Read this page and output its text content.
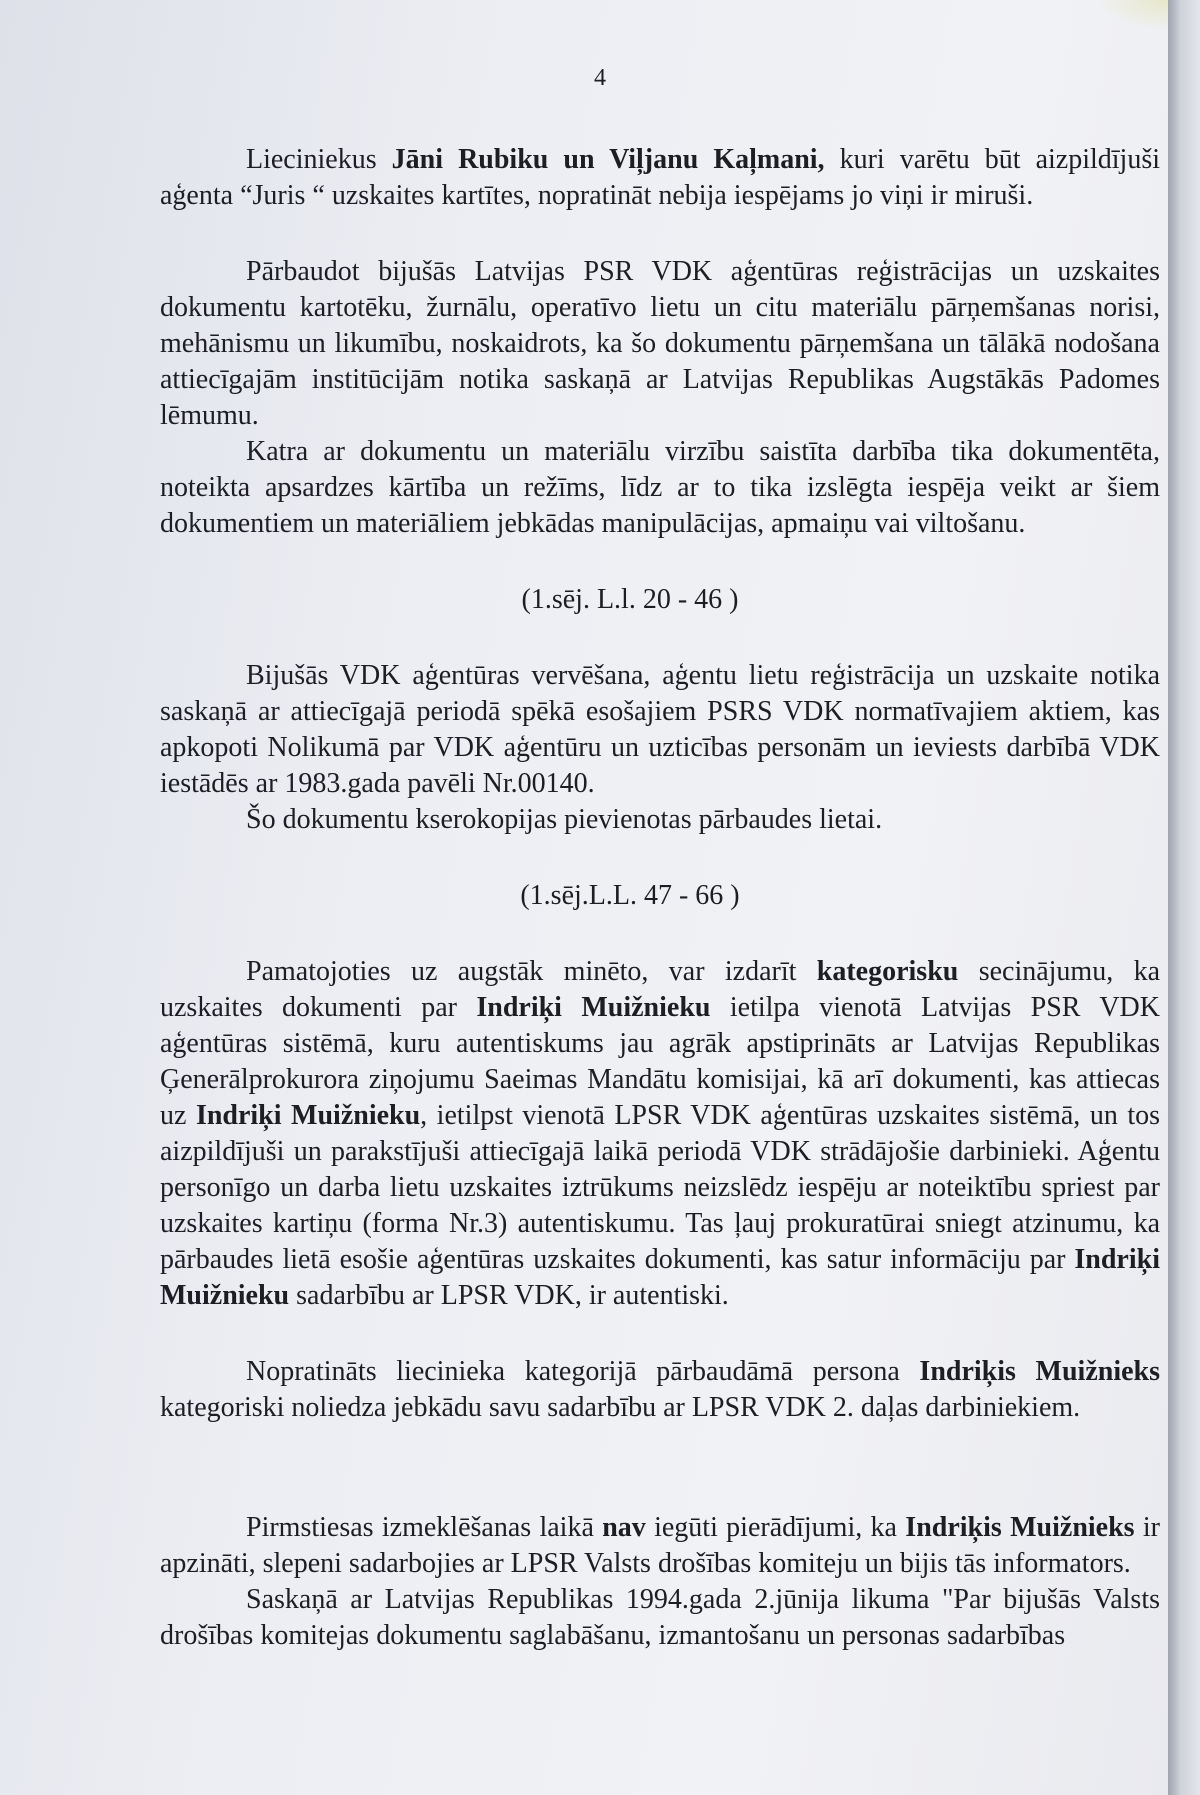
4

Lieciniekus Jāni Rubiku un Viļjanu Kaļmani, kuri varētu būt aizpildījuši aģenta “Juris “ uzskaites kartītes, nopratināt nebija iespējams jo viņi ir miruši.

Pārbaudot bijušās Latvijas PSR VDK aģentūras reģistrācijas un uzskaites dokumentu kartotēku, žurnālu, operatīvo lietu un citu materiālu pārņemšanas norisi, mehānismu un likumību, noskaidrots, ka šo dokumentu pārņemšana un tālākā nodošana attiecīgajām institūcijām notika saskaņā ar Latvijas Republikas Augstākās Padomes lēmumu.

Katra ar dokumentu un materiālu virzību saistīta darbība tika dokumentēta, noteikta apsardzes kārtība un režīms, līdz ar to tika izslēgta iespēja veikt ar šiem dokumentiem un materiāliem jebkādas manipulācijas, apmaiņu vai viltošanu.

(1.sēj. L.l. 20 - 46 )

Bijušās VDK aģentūras vervēšana, aģentu lietu reģistrācija un uzskaite notika saskaņā ar attiecīgajā periodā spēkā esošajiem PSRS VDK normatīvajiem aktiem, kas apkopoti Nolikumā par VDK aģentūru un uzticības personām un ieviests darbībā VDK iestādēs ar 1983.gada pavēli Nr.00140.

Šo dokumentu kserokopijas pievienotas pārbaudes lietai.

(1.sēj.L.L. 47 - 66 )

Pamatojoties uz augstāk minēto, var izdarīt kategorisku secinājumu, ka uzskaites dokumenti par Indriķi Muižnieku ietilpa vienotā Latvijas PSR VDK aģentūras sistēmā, kuru autentiskums jau agrāk apstiprināts ar Latvijas Republikas Ģenerālprokurora ziņojumu Saeimas Mandātu komisijai, kā arī dokumenti, kas attiecas uz Indriķi Muižnieku, ietilpst vienotā LPSR VDK aģentūras uzskaites sistēmā, un tos aizpildījuši un parakstījuši attiecīgajā laikā periodā VDK strādājošie darbinieki. Aģentu personīgo un darba lietu uzskaites iztrūkums neizslēdz iespēju ar noteiktību spriest par uzskaites kartiņu (forma Nr.3) autentiskumu. Tas ļauj prokuratūrai sniegt atzinumu, ka pārbaudes lietā esošie aģentūras uzskaites dokumenti, kas satur informāciju par Indriķi Muižnieku sadarbību ar LPSR VDK, ir autentiski.

Nopratināts liecinieka kategorijā pārbaudāmā persona Indriķis Muižnieks kategoriski noliedza jebkādu savu sadarbību ar LPSR VDK 2. daļas darbiniekiem.

Pirmstiesas izmeklēšanas laikā nav iegūti pierādījumi, ka Indriķis Muižnieks ir apzināti, slepeni sadarbojies ar LPSR Valsts drošības komiteju un bijis tās informators.

Saskaņā ar Latvijas Republikas 1994.gada 2.jūnija likuma "Par bijušās Valsts drošības komitejas dokumentu saglabāšanu, izmantošanu un personas sadarbības
